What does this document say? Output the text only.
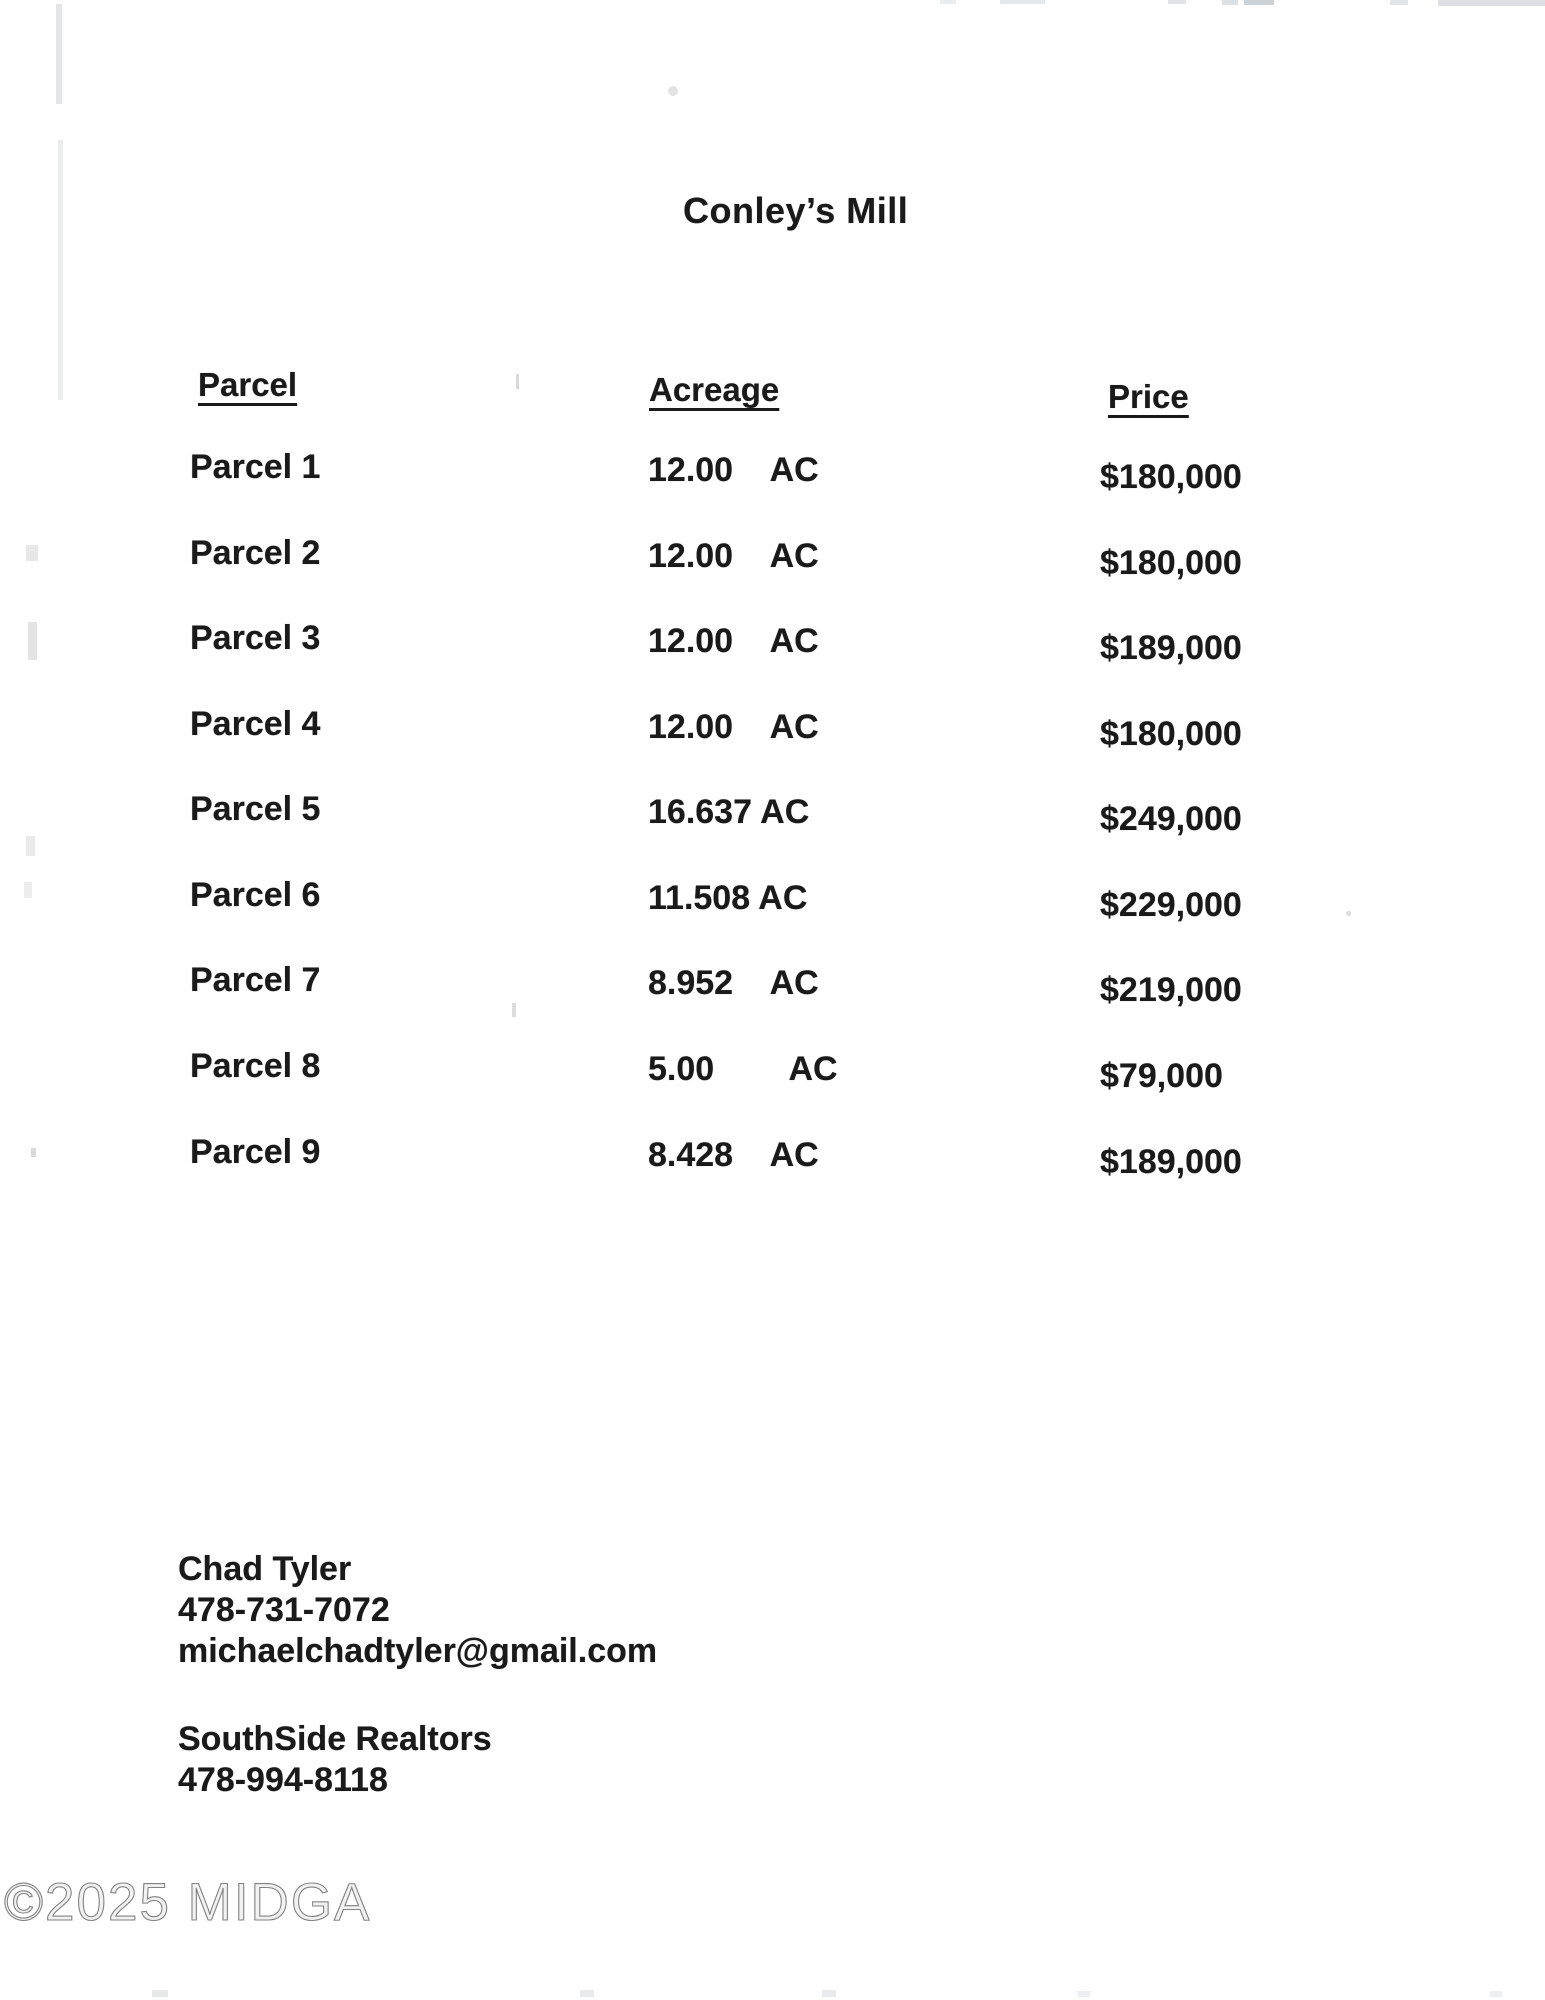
Conley’s Mill
Parcel	Acreage	Price
Parcel 1	12.00    AC	$180,000
Parcel 2	12.00    AC	$180,000
Parcel 3	12.00    AC	$189,000
Parcel 4	12.00    AC	$180,000
Parcel 5	16.637 AC	$249,000
Parcel 6	11.508 AC	$229,000
Parcel 7	8.952    AC	$219,000
Parcel 8	5.00        AC	$79,000
Parcel 9	8.428    AC	$189,000
Chad Tyler
478-731-7072
michaelchadtyler@gmail.com
SouthSide Realtors
478-994-8118
©2025 MIDGA
